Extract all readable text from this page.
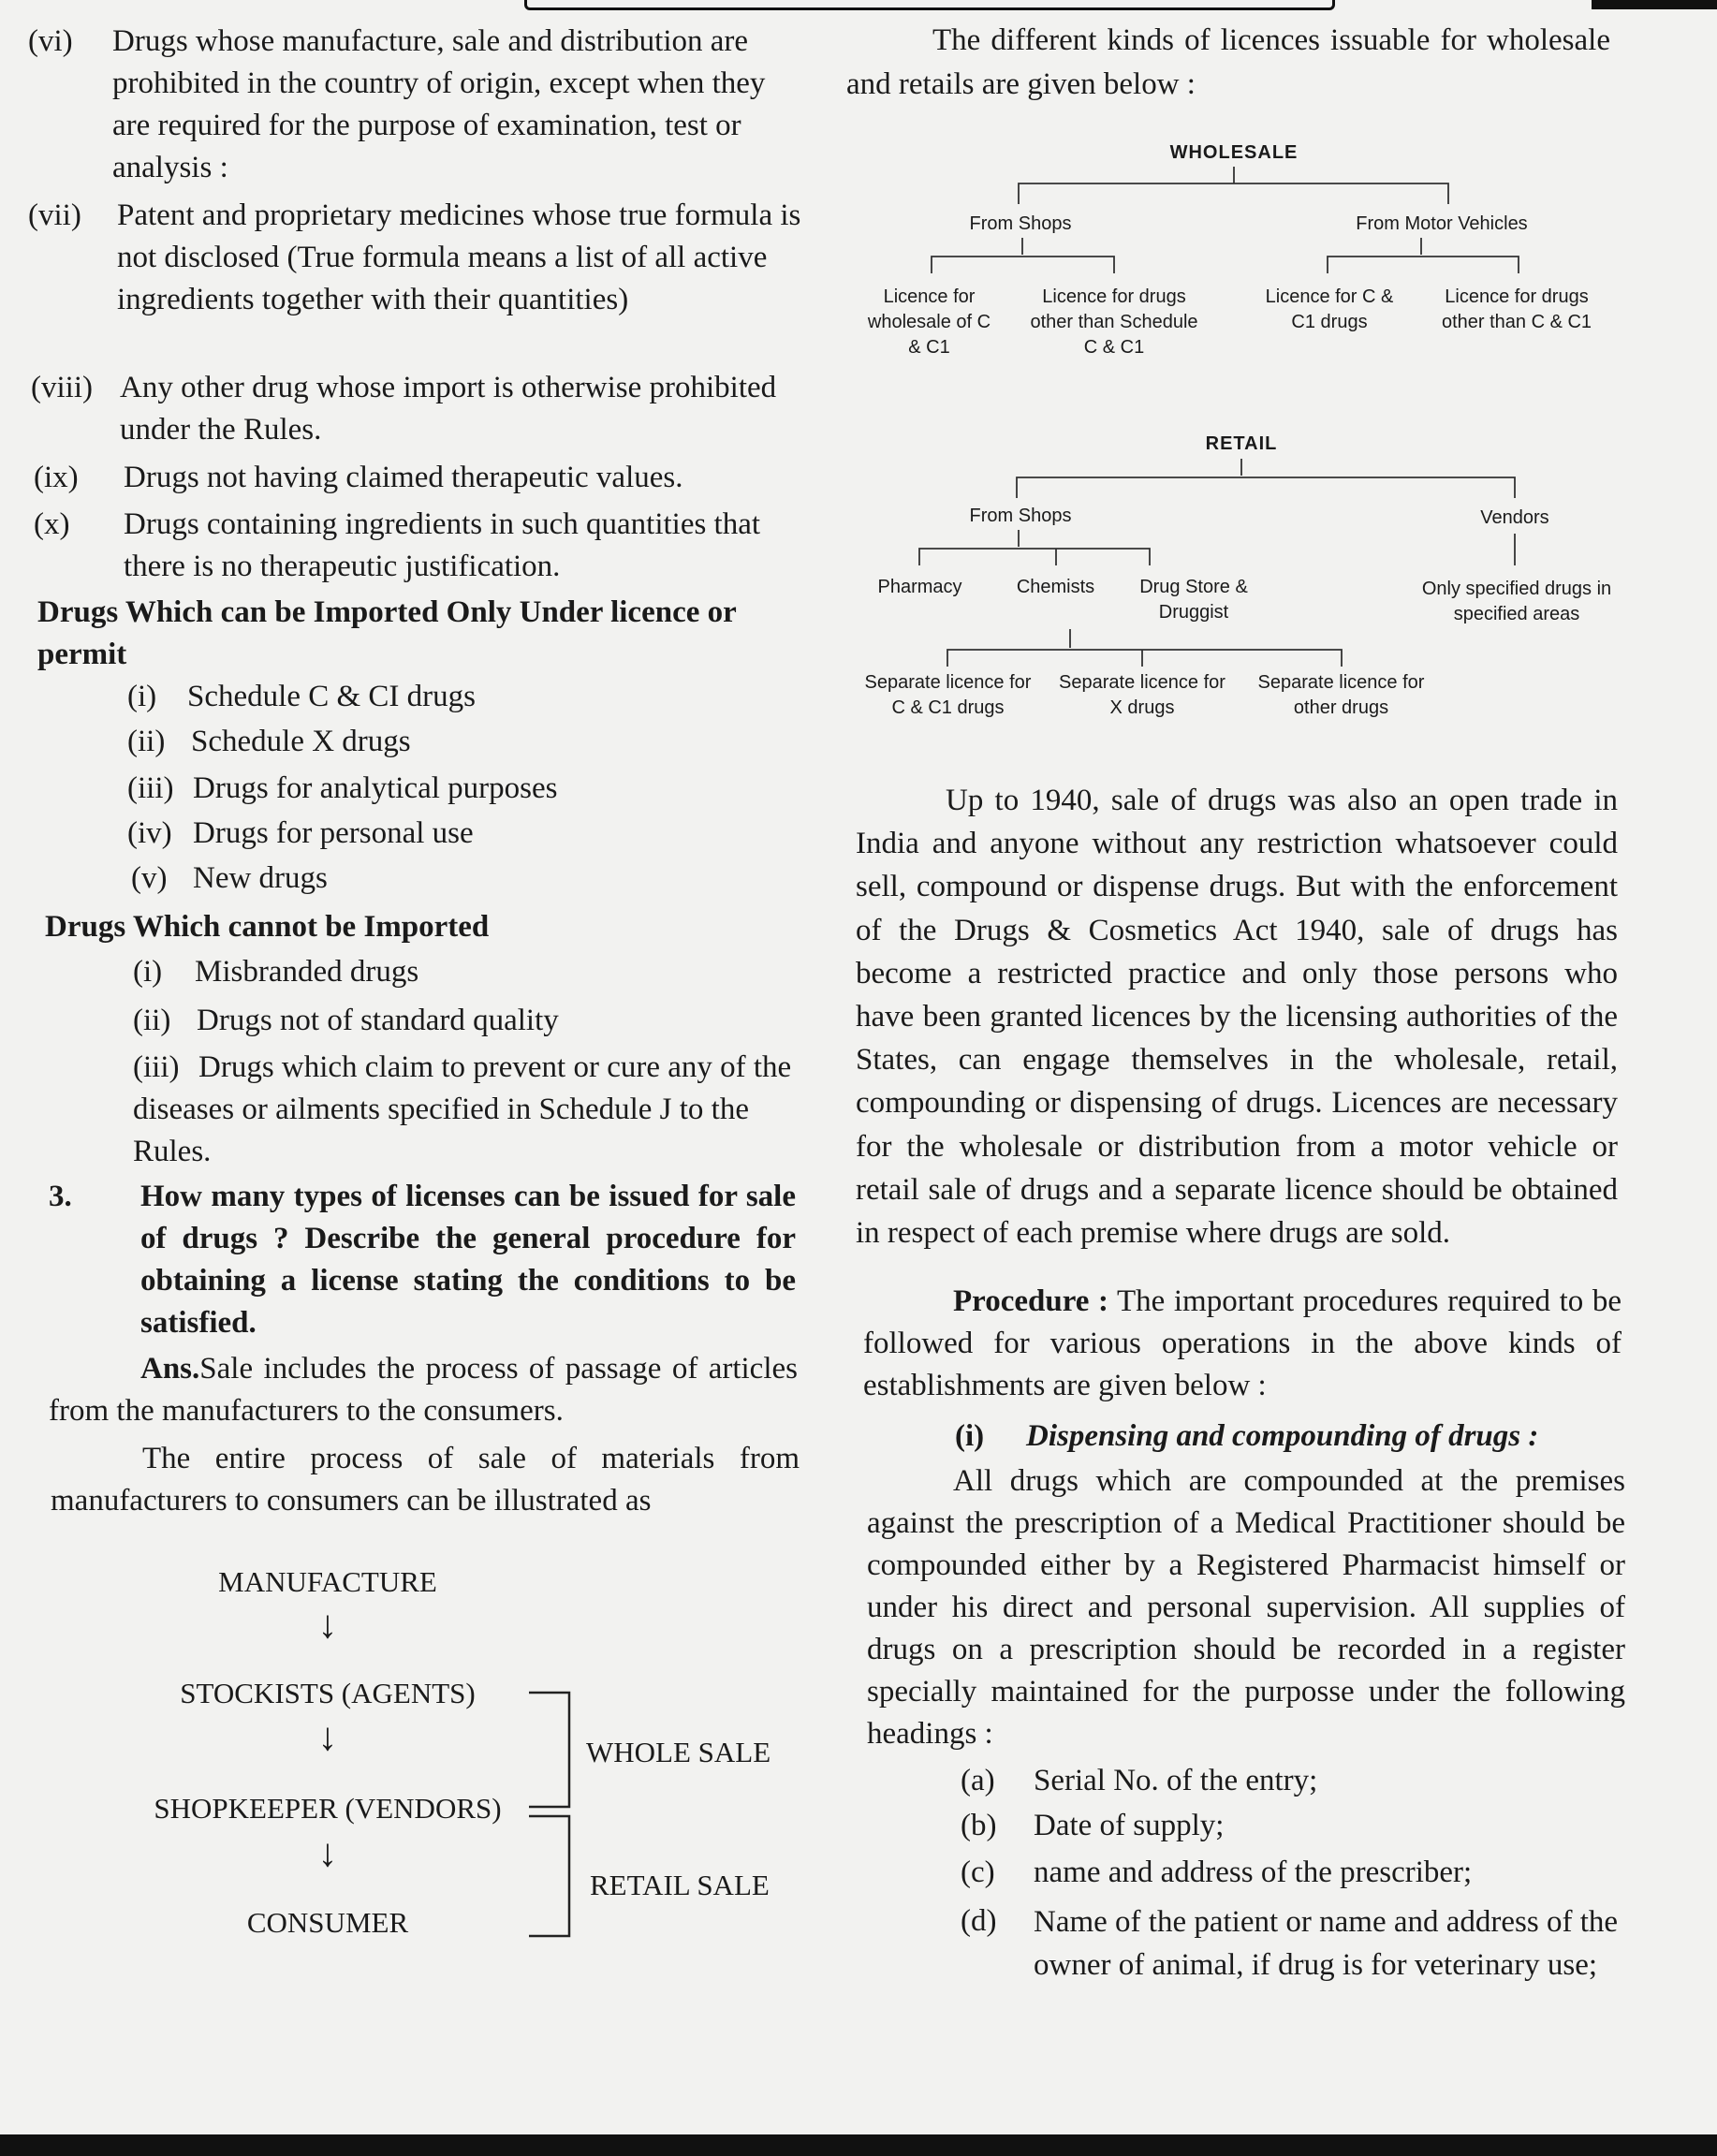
(vi) Drugs whose manufacture, sale and distribution are prohibited in the country of origin, except when they are required for the purpose of examination, test or analysis :
(vii) Patent and proprietary medicines whose true formula is not disclosed (True formula means a list of all active ingredients together with their quantities)
(viii) Any other drug whose import is otherwise prohibited under the Rules.
(ix) Drugs not having claimed therapeutic values.
(x) Drugs containing ingredients in such quantities that there is no therapeutic justification.
Drugs Which can be Imported Only Under licence or permit
(i) Schedule C & CI drugs
(ii) Schedule X drugs
(iii) Drugs for analytical purposes
(iv) Drugs for personal use
(v) New drugs
Drugs Which cannot be Imported
(i) Misbranded drugs
(ii) Drugs not of standard quality
(iii) Drugs which claim to prevent or cure any of the diseases or ailments specified in Schedule J to the Rules.
3. How many types of licenses can be issued for sale of drugs ? Describe the general procedure for obtaining a license stating the conditions to be satisfied.
Ans.Sale includes the process of passage of articles from the manufacturers to the consumers.
The entire process of sale of materials from manufacturers to consumers can be illustrated as
MANUFACTURE
↓
STOCKISTS (AGENTS)
↓
SHOPKEEPER (VENDORS)
↓
CONSUMER
WHOLE SALE
RETAIL SALE
The different kinds of licences issuable for wholesale and retails are given below :
WHOLESALE
From Shops	From Motor Vehicles
Licence for wholesale of C & C1
Licence for drugs other than Schedule C & C1
Licence for C & C1 drugs
Licence for drugs other than C & C1
RETAIL
From Shops	Vendors
Pharmacy	Chemists	Drug Store & Druggist
Only specified drugs in specified areas
Separate licence for C & C1 drugs
Separate licence for X drugs
Separate licence for other drugs
Up to 1940, sale of drugs was also an open trade in India and anyone without any restriction whatsoever could sell, compound or dispense drugs. But with the enforcement of the Drugs & Cosmetics Act 1940, sale of drugs has become a restricted practice and only those persons who have been granted licences by the licensing authorities of the States, can engage themselves in the wholesale, retail, compounding or dispensing of drugs. Licences are necessary for the wholesale or distribution from a motor vehicle or retail sale of drugs and a separate licence should be obtained in respect of each premise where drugs are sold.
Procedure : The important procedures required to be followed for various operations in the above kinds of establishments are given below :
(i) Dispensing and compounding of drugs :
All drugs which are compounded at the premises against the prescription of a Medical Practitioner should be compounded either by a Registered Pharmacist himself or under his direct and personal supervision. All supplies of drugs on a prescription should be recorded in a register specially maintained for the purposse under the following headings :
(a) Serial No. of the entry;
(b) Date of supply;
(c) name and address of the prescriber;
(d) Name of the patient or name and address of the owner of animal, if drug is for veterinary use;
